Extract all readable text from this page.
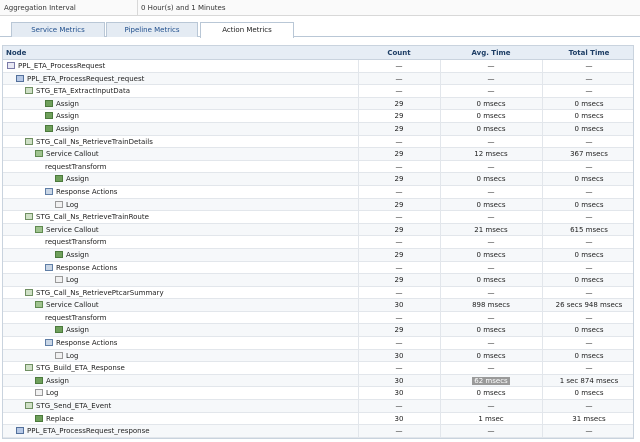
Aggregation Interval	0 Hour(s) and 1 Minutes
Service Metrics	Pipeline Metrics	Action Metrics
Node	Count	Avg. Time	Total Time
PPL_ETA_ProcessRequest	—	—	—
PPL_ETA_ProcessRequest_request	—	—	—
STG_ETA_ExtractInputData	—	—	—
Assign	29	0 msecs	0 msecs
Assign	29	0 msecs	0 msecs
Assign	29	0 msecs	0 msecs
STG_Call_Ns_RetrieveTrainDetails	—	—	—
Service Callout	29	12 msecs	367 msecs
requestTransform	—	—	—
Assign	29	0 msecs	0 msecs
Response Actions	—	—	—
Log	29	0 msecs	0 msecs
STG_Call_Ns_RetrieveTrainRoute	—	—	—
Service Callout	29	21 msecs	615 msecs
requestTransform	—	—	—
Assign	29	0 msecs	0 msecs
Response Actions	—	—	—
Log	29	0 msecs	0 msecs
STG_Call_Ns_RetrievePtcarSummary	—	—	—
Service Callout	30	898 msecs	26 secs 948 msecs
requestTransform	—	—	—
Assign	29	0 msecs	0 msecs
Response Actions	—	—	—
Log	30	0 msecs	0 msecs
STG_Build_ETA_Response	—	—	—
Assign	30	62 msecs	1 sec 874 msecs
Log	30	0 msecs	0 msecs
STG_Send_ETA_Event	—	—	—
Replace	30	1 msec	31 msecs
PPL_ETA_ProcessRequest_response	—	—	—
